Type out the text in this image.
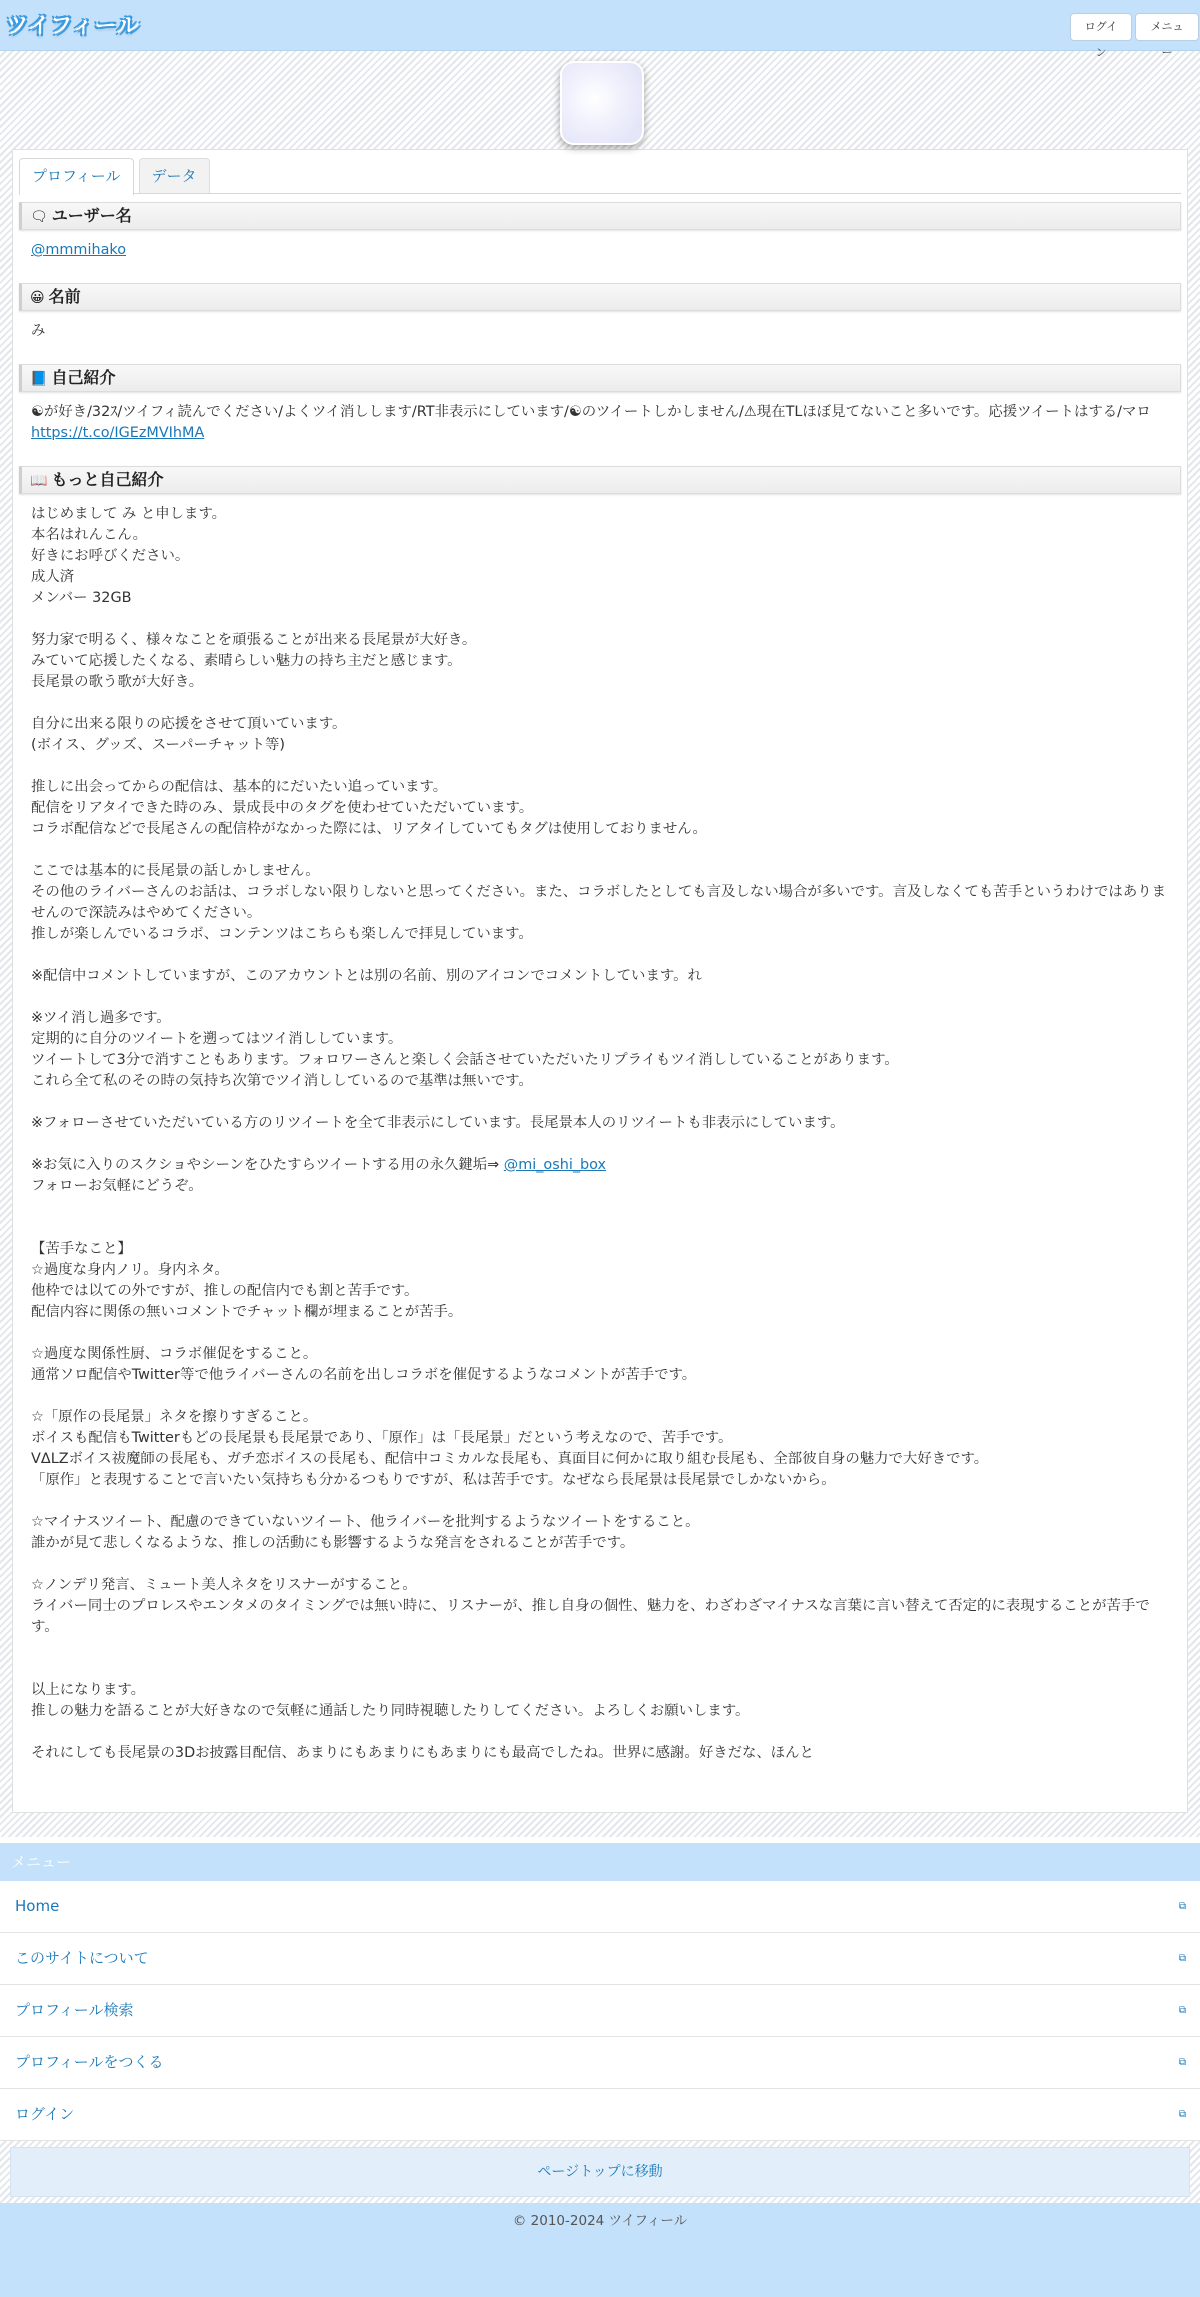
ツイフィール	ログイン
メニュー
プロフィール	データ
🗨 ユーザー名
@mmmihako
😀 名前
み
📘 自己紹介
☯が好き/32ｽ/ツイフィ読んでください/よくツイ消しします/RT非表示にしています/☯のツイートしかしません/⚠現在TLほぼ見てないこと多いです。応援ツイートはする/マロhttps://t.co/IGEzMVIhMA
📖 もっと自己紹介
はじめまして み と申します。
本名はれんこん。
好きにお呼びください。
成人済
メンバー 32GB

努力家で明るく、様々なことを頑張ることが出来る長尾景が大好き。
みていて応援したくなる、素晴らしい魅力の持ち主だと感じます。
長尾景の歌う歌が大好き。

自分に出来る限りの応援をさせて頂いています。
(ボイス、グッズ、スーパーチャット等)

推しに出会ってからの配信は、基本的にだいたい追っています。
配信をリアタイできた時のみ、景成長中のタグを使わせていただいています。
コラボ配信などで長尾さんの配信枠がなかった際には、リアタイしていてもタグは使用しておりません。

ここでは基本的に長尾景の話しかしません。
その他のライバーさんのお話は、コラボしない限りしないと思ってください。また、コラボしたとしても言及しない場合が多いです。言及しなくても苦手というわけではありませんので深読みはやめてください。
推しが楽しんでいるコラボ、コンテンツはこちらも楽しんで拝見しています。

※配信中コメントしていますが、このアカウントとは別の名前、別のアイコンでコメントしています。れ

※ツイ消し過多です。
定期的に自分のツイートを遡ってはツイ消ししています。
ツイートして3分で消すこともあります。フォロワーさんと楽しく会話させていただいたリプライもツイ消ししていることがあります。
これら全て私のその時の気持ち次第でツイ消ししているので基準は無いです。

※フォローさせていただいている方のリツイートを全て非表示にしています。長尾景本人のリツイートも非表示にしています。

※お気に入りのスクショやシーンをひたすらツイートする用の永久鍵垢⇒ @mi_oshi_box
フォローお気軽にどうぞ。

【苦手なこと】
☆過度な身内ノリ。身内ネタ。
他枠では以ての外ですが、推しの配信内でも割と苦手です。
配信内容に関係の無いコメントでチャット欄が埋まることが苦手。

☆過度な関係性厨、コラボ催促をすること。
通常ソロ配信やTwitter等で他ライバーさんの名前を出しコラボを催促するようなコメントが苦手です。

☆「原作の長尾景」ネタを擦りすぎること。
ボイスも配信もTwitterもどの長尾景も長尾景であり、「原作」は「長尾景」だという考えなので、苦手です。
VΔLZボイス祓魔師の長尾も、ガチ恋ボイスの長尾も、配信中コミカルな長尾も、真面目に何かに取り組む長尾も、全部彼自身の魅力で大好きです。
「原作」と表現することで言いたい気持ちも分かるつもりですが、私は苦手です。なぜなら長尾景は長尾景でしかないから。

☆マイナスツイート、配慮のできていないツイート、他ライバーを批判するようなツイートをすること。
誰かが見て悲しくなるような、推しの活動にも影響するような発言をされることが苦手です。

☆ノンデリ発言、ミュート美人ネタをリスナーがすること。
ライバー同士のプロレスやエンタメのタイミングでは無い時に、リスナーが、推し自身の個性、魅力を、わざわざマイナスな言葉に言い替えて否定的に表現することが苦手です。

以上になります。
推しの魅力を語ることが大好きなので気軽に通話したり同時視聴したりしてください。よろしくお願いします。

それにしても長尾景の3Dお披露目配信、あまりにもあまりにもあまりにも最高でしたね。世界に感謝。好きだな、ほんと
メニュー
Home	⧉
このサイトについて	⧉
プロフィール検索	⧉
プロフィールをつくる	⧉
ログイン	⧉
ページトップに移動
© 2010-2024 ツイフィール
